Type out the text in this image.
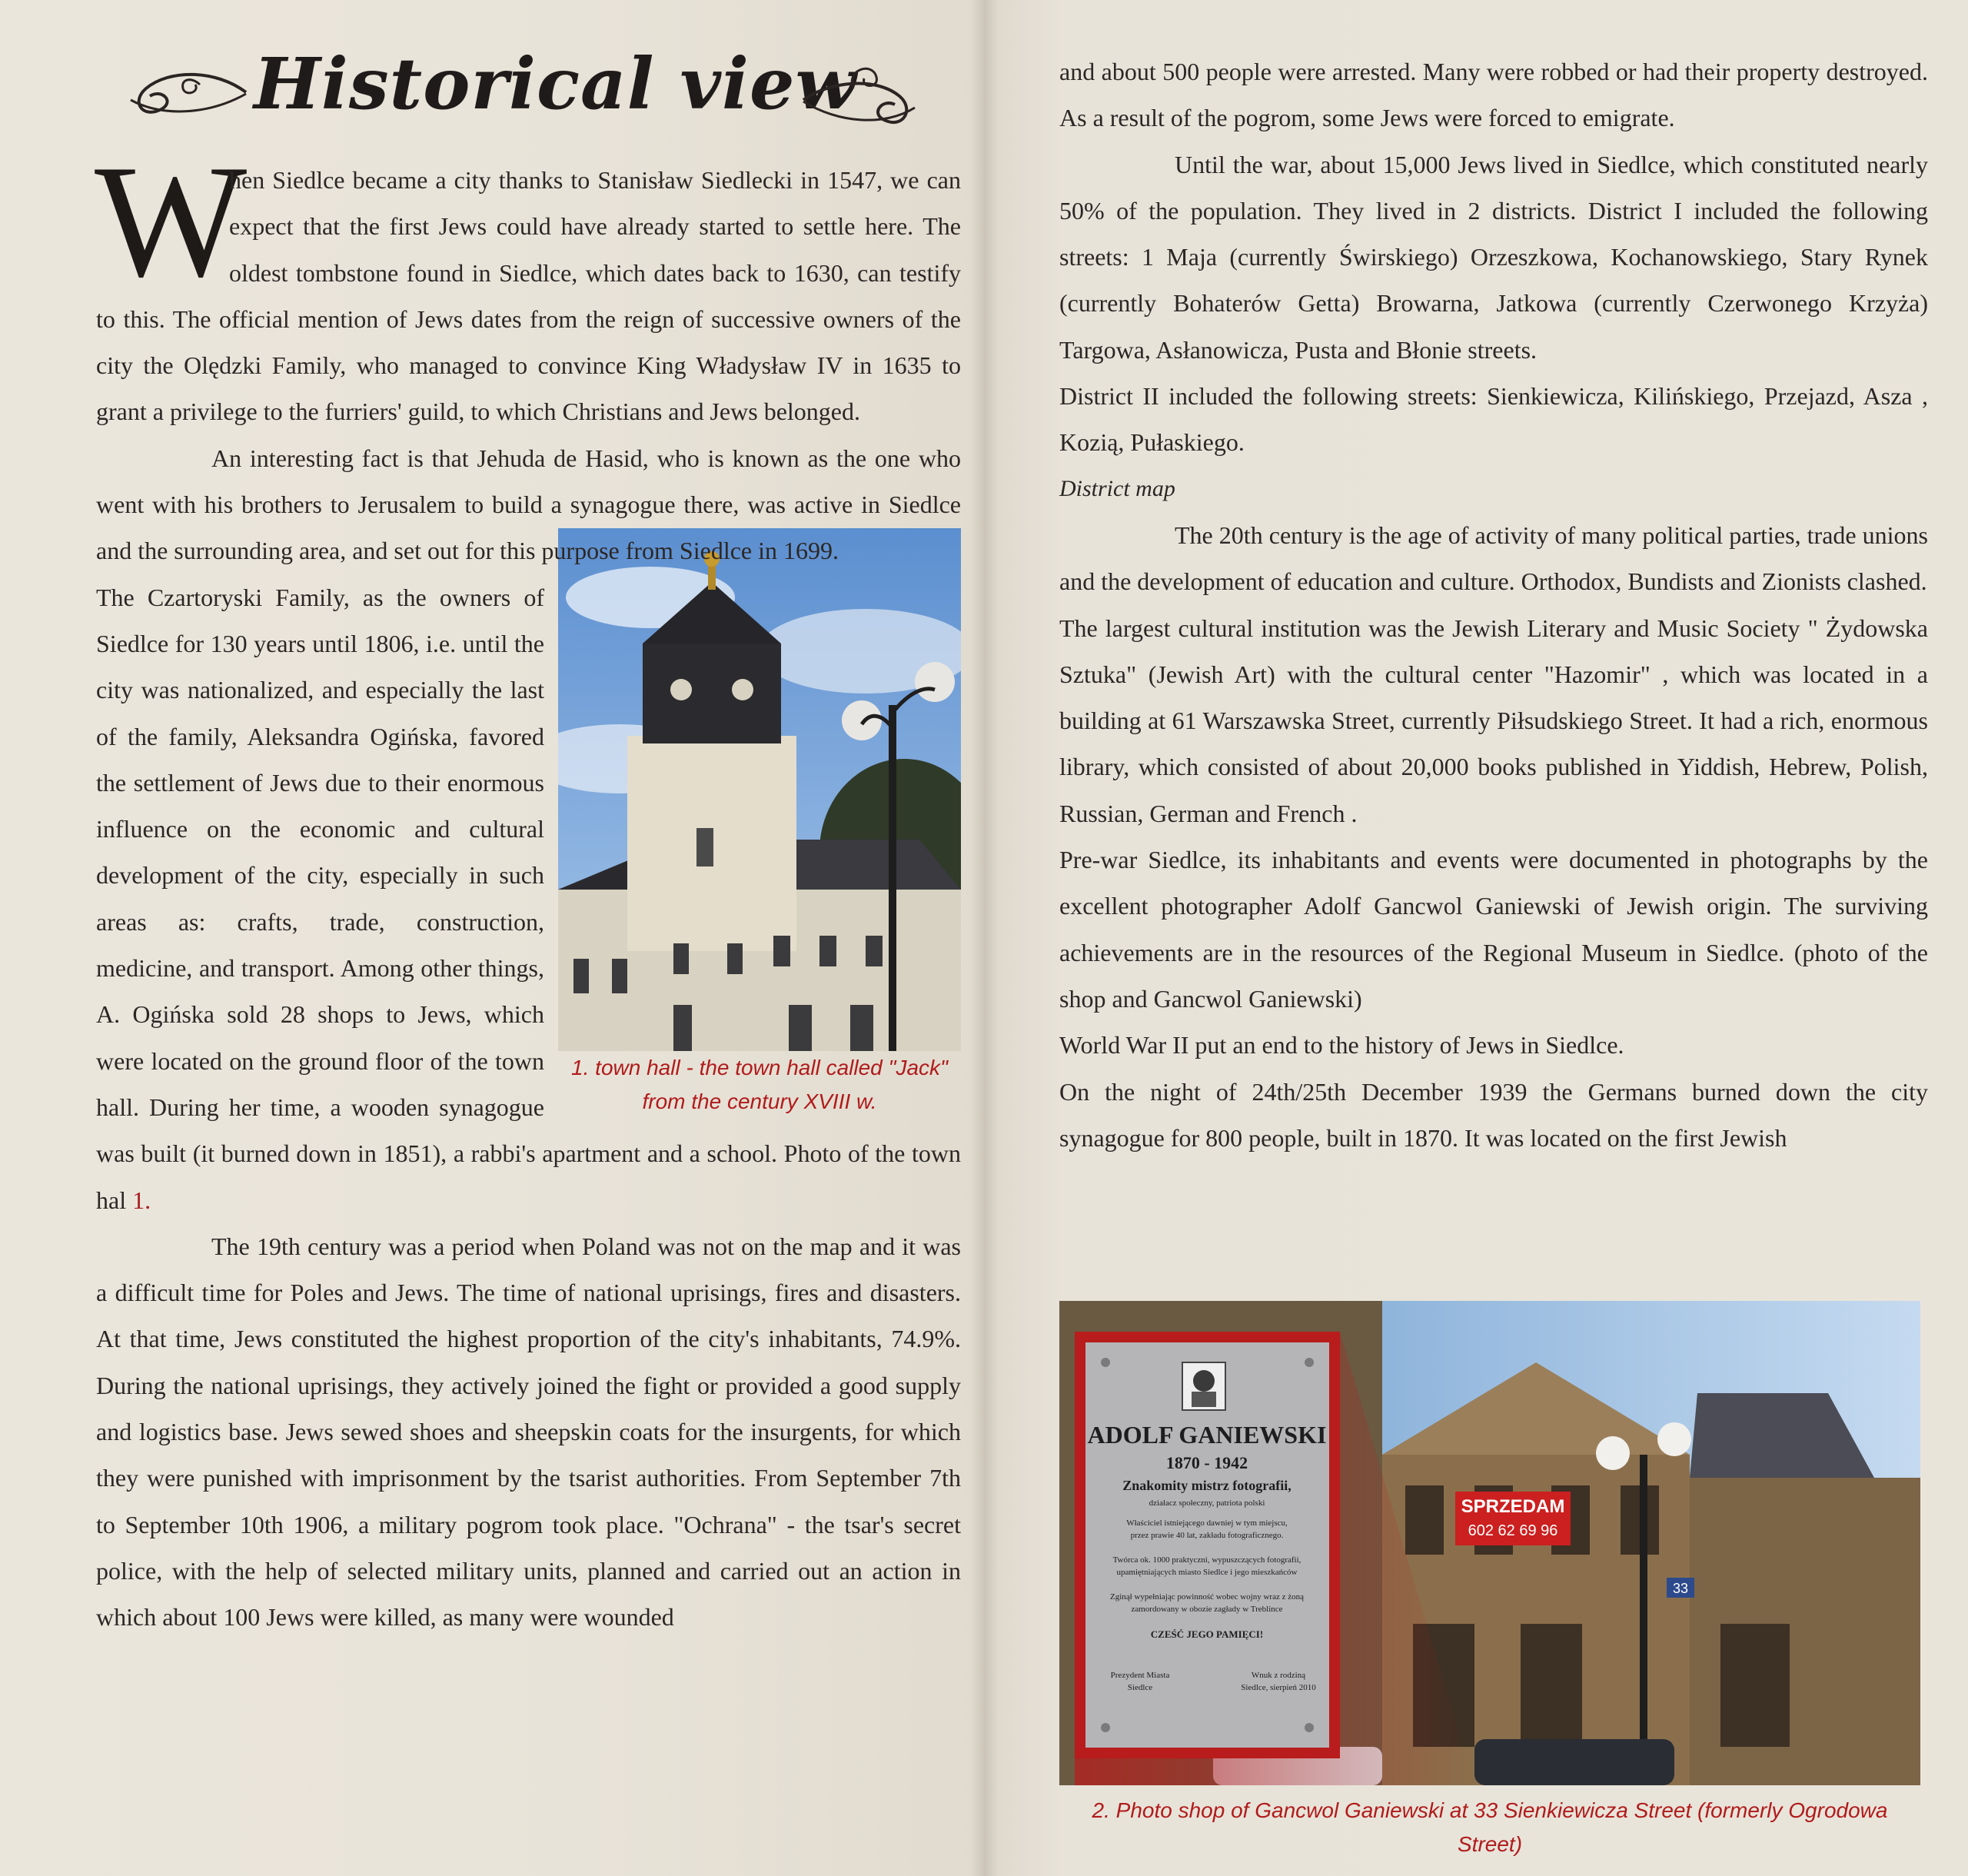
Historical view
W

hen Siedlce became a city thanks to Stanisław Siedlecki in 1547, we can expect that the first Jews could have already started to settle here. The oldest tombstone found in Siedlce, which dates back to 1630, can testify to this. The official mention of Jews dates from the reign of successive owners of the city the Olędzki Family, who managed to convince King Władysław IV in 1635 to grant a privilege to the furriers' guild, to which Christians and Jews belonged.

An interesting fact is that Jehuda de Hasid, who is known as the one who went with his brothers to Jerusalem to build a synagogue there, was active in Siedlce and the surrounding area, and set out for this purpose from Siedlce in 1699.

1. town hall - the town hall called "Jack"

from the century XVIII w.

The Czartoryski Family, as the owners of Siedlce for 130 years until 1806, i.e. until the city was nationalized, and especially the last of the family, Aleksandra Ogińska, favored the settlement of Jews due to their enormous influence on the economic and cultural development of the city, especially in such areas as: crafts, trade, construction, medicine, and transport. Among other things, A. Ogińska sold 28 shops to Jews, which were located on the ground floor of the town hall. During her time, a wooden synagogue was built (it burned down in 1851), a rabbi's apartment and a school. Photo of the town hal 1.

The 19th century was a period when Poland was not on the map and it was a difficult time for Poles and Jews. The time of national uprisings, fires and disasters. At that time, Jews constituted the highest proportion of the city's inhabitants, 74.9%. During the national uprisings, they actively joined the fight or provided a good supply and logistics base. Jews sewed shoes and sheepskin coats for the insurgents, for which they were punished with imprisonment by the tsarist authorities. From September 7th to September 10th 1906, a military pogrom took place. "Ochrana" - the tsar's secret police, with the help of selected military units, planned and carried out an action in which about 100 Jews were killed, as many were wounded

and about 500 people were arrested. Many were robbed or had their property destroyed. As a result of the pogrom, some Jews were forced to emigrate.

Until the war, about 15,000 Jews lived in Siedlce, which constituted nearly 50% of the population. They lived in 2 districts. District I included the following streets: 1 Maja (currently Świrskiego) Orzeszkowa, Kochanowskiego, Stary Rynek (currently Bohaterów Getta) Browarna, Jatkowa (currently Czerwonego Krzyża) Targowa, Asłanowicza, Pusta and Błonie streets.

District II included the following streets: Sienkiewicza, Kilińskiego, Przejazd, Asza , Kozią, Pułaskiego.

District map

The 20th century is the age of activity of many political parties, trade unions and the development of education and culture. Orthodox, Bundists and Zionists clashed.

The largest cultural institution was the Jewish Literary and Music Society " Żydowska Sztuka" (Jewish Art) with the cultural center "Hazomir" , which was located in a building at 61 Warszawska Street, currently Piłsudskiego Street. It had a rich, enormous library, which consisted of about 20,000 books published in Yiddish, Hebrew, Polish, Russian, German and French .

Pre-war Siedlce, its inhabitants and events were documented in photographs by the excellent photographer Adolf Gancwol Ganiewski of Jewish origin. The surviving achievements are in the resources of the Regional Museum in Siedlce. (photo of the shop and Gancwol Ganiewski)

World War II put an end to the history of Jews in Siedlce.

On the night of 24th/25th December 1939 the Germans burned down the city synagogue for 800 people, built in 1870. It was located on the first Jewish

SPRZEDAM
602 62 69 96
33
ADOLF GANIEWSKI
1870 - 1942
Znakomity mistrz fotografii,
działacz społeczny, patriota polski
Właściciel istniejącego dawniej w tym miejscu,
przez prawie 40 lat, zakładu fotograficznego.
Twórca ok. 1000 praktyczni, wypuszczących fotografii,
upamiętniających miasto Siedlce i jego mieszkańców
Zginął wypełniając powinność wobec wojny wraz z żoną
zamordowany w obozie zagłady w Treblince
CZEŚĆ JEGO PAMIĘCI!
Prezydent Miasta
Siedlce
Wnuk z rodziną
Siedlce, sierpień 2010

2. Photo shop of Gancwol Ganiewski at 33 Sienkiewicza Street (formerly Ogrodowa Street)
